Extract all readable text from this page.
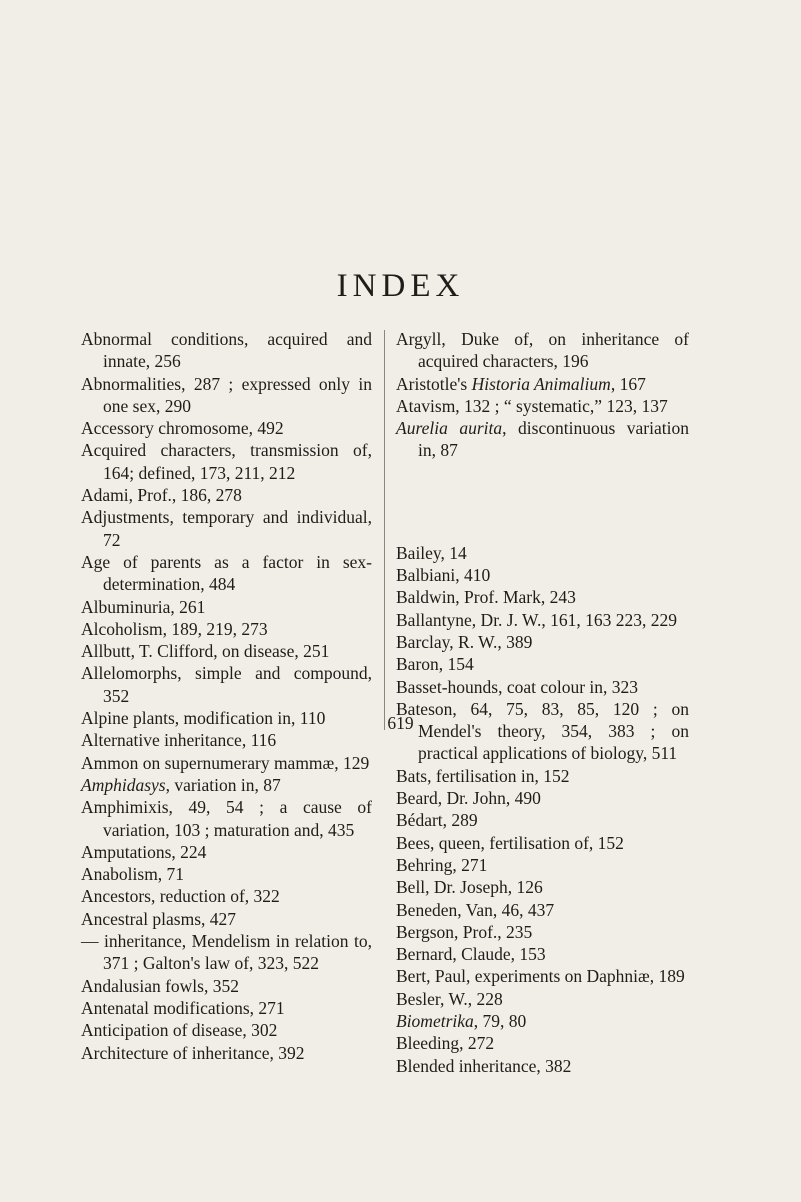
INDEX
Abnormal conditions, acquired and innate, 256
Abnormalities, 287 ; expressed only in one sex, 290
Accessory chromosome, 492
Acquired characters, transmission of, 164; defined, 173, 211, 212
Adami, Prof., 186, 278
Adjustments, temporary and individual, 72
Age of parents as a factor in sex-determination, 484
Albuminuria, 261
Alcoholism, 189, 219, 273
Allbutt, T. Clifford, on disease, 251
Allelomorphs, simple and compound, 352
Alpine plants, modification in, 110
Alternative inheritance, 116
Ammon on supernumerary mammæ, 129
Amphidasys, variation in, 87
Amphimixis, 49, 54 ; a cause of variation, 103 ; maturation and, 435
Amputations, 224
Anabolism, 71
Ancestors, reduction of, 322
Ancestral plasms, 427
— inheritance, Mendelism in relation to, 371 ; Galton's law of, 323, 522
Andalusian fowls, 352
Antenatal modifications, 271
Anticipation of disease, 302
Architecture of inheritance, 392
Argyll, Duke of, on inheritance of acquired characters, 196
Aristotle's Historia Animalium, 167
Atavism, 132 ; “ systematic,” 123, 137
Aurelia aurita, discontinuous variation in, 87
Bailey, 14
Balbiani, 410
Baldwin, Prof. Mark, 243
Ballantyne, Dr. J. W., 161, 163 223, 229
Barclay, R. W., 389
Baron, 154
Basset-hounds, coat colour in, 323
Bateson, 64, 75, 83, 85, 120 ; on Mendel's theory, 354, 383 ; on practical applications of biology, 511
Bats, fertilisation in, 152
Beard, Dr. John, 490
Bédart, 289
Bees, queen, fertilisation of, 152
Behring, 271
Bell, Dr. Joseph, 126
Beneden, Van, 46, 437
Bergson, Prof., 235
Bernard, Claude, 153
Bert, Paul, experiments on Daphniæ, 189
Besler, W., 228
Biometrika, 79, 80
Bleeding, 272
Blended inheritance, 382
619
